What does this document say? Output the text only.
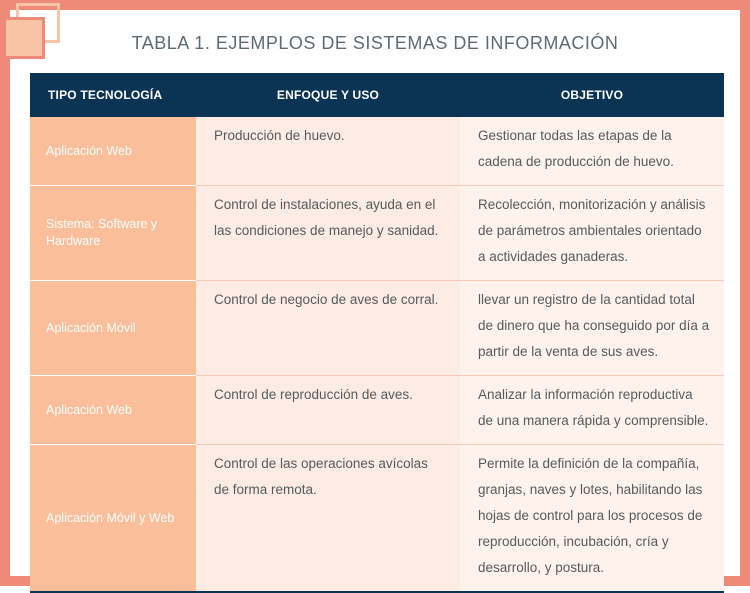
TABLA 1. EJEMPLOS DE SISTEMAS DE INFORMACIÓN
TIPO TECNOLOGÍA	ENFOQUE Y USO	OBJETIVO
Aplicación Web	Producción de huevo.	Gestionar todas las etapas de la cadena de producción de huevo.
Sistema: Software y Hardware	Control de instalaciones, ayuda en el las condiciones de manejo y sanidad.	Recolección, monitorización y análisis de parámetros ambientales orientado a actividades ganaderas.
Aplicación Móvil	Control de negocio de aves de corral.	llevar un registro de la cantidad total de dinero que ha conseguido por día a partir de la venta de sus aves.
Aplicación Web	Control de reproducción de aves.	Analizar la información reproductiva de una manera rápida y comprensible.
Aplicación Móvil y Web	Control de las operaciones avícolas de forma remota.	Permite la definición de la compañía, granjas, naves y lotes, habilitando las hojas de control para los procesos de reproducción, incubación, cría y desarrollo, y postura.
